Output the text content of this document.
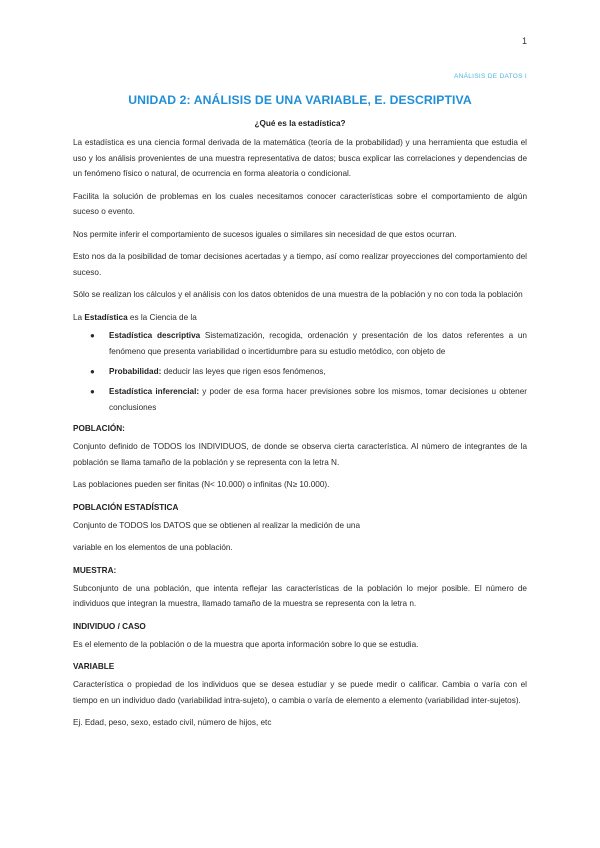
1
ANÁLISIS DE DATOS I
UNIDAD 2: ANÁLISIS DE UNA VARIABLE, E. DESCRIPTIVA
¿Qué es la estadística?

La estadística es una ciencia formal derivada de la matemática (teoría de la probabilidad) y una herramienta que estudia el uso y los análisis provenientes de una muestra representativa de datos; busca explicar las correlaciones y dependencias de un fenómeno físico o natural, de ocurrencia en forma aleatoria o condicional.

Facilita la solución de problemas en los cuales necesitamos conocer características sobre el comportamiento de algún suceso o evento.

Nos permite inferir el comportamiento de sucesos iguales o similares sin necesidad de que estos ocurran.

Esto nos da la posibilidad de tomar decisiones acertadas y a tiempo, así como realizar proyecciones del comportamiento del suceso.

Sólo se realizan los cálculos y el análisis con los datos obtenidos de una muestra de la población y no con toda la población

La Estadística es la Ciencia de la

● Estadística descriptiva Sistematización, recogida, ordenación y presentación de los datos referentes a un fenómeno que presenta variabilidad o incertidumbre para su estudio metódico, con objeto de
● Probabilidad: deducir las leyes que rigen esos fenómenos,
● Estadística inferencial: y poder de esa forma hacer previsiones sobre los mismos, tomar decisiones u obtener conclusiones
POBLACIÓN:

Conjunto definido de TODOS los INDIVIDUOS, de donde se observa cierta característica. Al número de integrantes de la población se llama tamaño de la población y se representa con la letra N.

Las poblaciones pueden ser finitas (N< 10.000) o infinitas (N≥ 10.000).

POBLACIÓN ESTADÍSTICA

Conjunto de TODOS los DATOS que se obtienen al realizar la medición de una

variable en los elementos de una población.

MUESTRA:

Subconjunto de una población, que intenta reflejar las características de la población lo mejor posible. El número de individuos que integran la muestra, llamado tamaño de la muestra se representa con la letra n.

INDIVIDUO / CASO

Es el elemento de la población o de la muestra que aporta información sobre lo que se estudia.

VARIABLE

Característica o propiedad de los individuos que se desea estudiar y se puede medir o calificar. Cambia o varía con el tiempo en un individuo dado (variabilidad intra-sujeto), o cambia o varía de elemento a elemento (variabilidad inter-sujetos).

Ej. Edad, peso, sexo, estado civil, número de hijos, etc
